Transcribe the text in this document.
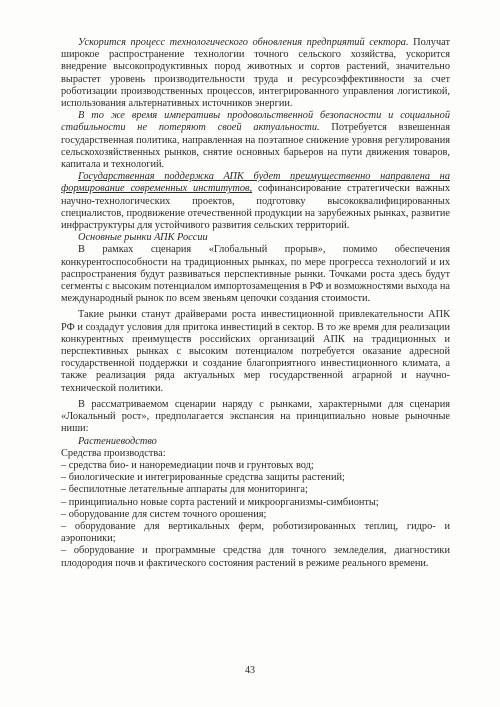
Ускорится процесс технологического обновления предприятий сектора. Получат широкое распространение технологии точного сельского хозяйства, ускорится внедрение высокопродуктивных пород животных и сортов растений, значительно вырастет уровень производительности труда и ресурсоэффективности за счет роботизации производственных процессов, интегрированного управления логистикой, использования альтернативных источников энергии.

В то же время императивы продовольственной безопасности и социальной стабильности не потеряют своей актуальности. Потребуется взвешенная государственная политика, направленная на поэтапное снижение уровня регулирования сельскохозяйственных рынков, снятие основных барьеров на пути движения товаров, капитала и технологий.

Государственная поддержка АПК будет преимущественно направлена на формирование современных институтов, софинансирование стратегически важных научно-технологических проектов, подготовку высококвалифицированных специалистов, продвижение отечественной продукции на зарубежных рынках, развитие инфраструктуры для устойчивого развития сельских территорий.

Основные рынки АПК России

В рамках сценария «Глобальный прорыв», помимо обеспечения конкурентоспособности на традиционных рынках, по мере прогресса технологий и их распространения будут развиваться перспективные рынки. Точками роста здесь будут сегменты с высоким потенциалом импортозамещения в РФ и возможностями выхода на международный рынок по всем звеньям цепочки создания стоимости.

Такие рынки станут драйверами роста инвестиционной привлекательности АПК РФ и создадут условия для притока инвестиций в сектор. В то же время для реализации конкурентных преимуществ российских организаций АПК на традиционных и перспективных рынках с высоким потенциалом потребуется оказание адресной государственной поддержки и создание благоприятного инвестиционного климата, а также реализация ряда актуальных мер государственной аграрной и научно-технической политики.

В рассматриваемом сценарии наряду с рынками, характерными для сценария «Локальный рост», предполагается экспансия на принципиально новые рыночные ниши:

Растениеводство

Средства производства:

– средства био- и наноремедиации почв и грунтовых вод;

– биологические и интегрированные средства защиты растений;

– беспилотные летательные аппараты для мониторинга;

– принципиально новые сорта растений и микроорганизмы-симбионты;

– оборудование для систем точного орошения;

– оборудование для вертикальных ферм, роботизированных теплиц, гидро- и аэропоники;

– оборудование и программные средства для точного земледелия, диагностики плодородия почв и фактического состояния растений в режиме реального времени.

43
